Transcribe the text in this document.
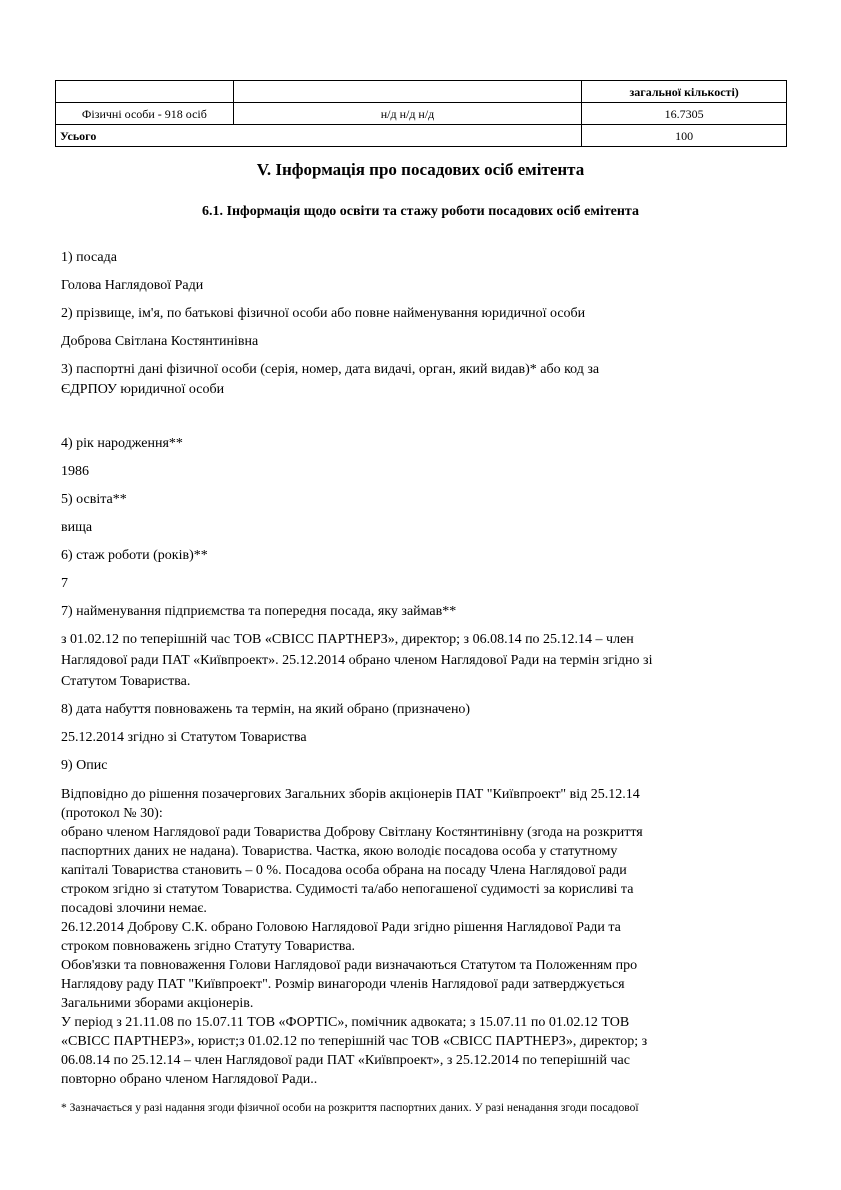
		загальної кількості)
Фізичні особи - 918 осіб	н/д н/д н/д	16.7305
Усього		100
V. Інформація про посадових осіб емітента
6.1. Інформація щодо освіти та стажу роботи посадових осіб емітента

1) посада

Голова Наглядової Ради

2) прізвище, ім'я, по батькові фізичної особи або повне найменування юридичної особи

Доброва Світлана Костянтинівна

3) паспортні дані фізичної особи (серія, номер, дата видачі, орган, який видав)* або код за

ЄДРПОУ юридичної особи

4) рік народження**

1986

5) освіта**

вища

6) стаж роботи (років)**

7

7) найменування підприємства та попередня посада, яку займав**

з 01.02.12 по теперішній час ТОВ «СВІСС ПАРТНЕРЗ», директор; з 06.08.14 по 25.12.14 – член

Наглядової ради ПАТ «Київпроект». 25.12.2014 обрано членом Наглядової Ради на термін згідно зі

Статутом Товариства.

8) дата набуття повноважень та термін, на який обрано (призначено)

25.12.2014 згідно зі Статутом Товариства

9) Опис

Відповідно до рішення позачергових Загальних зборів акціонерів ПАТ "Київпроект" від 25.12.14

(протокол № 30):

обрано членом Наглядової ради Товариства Доброву Світлану Костянтинівну (згода на розкриття

паспортних даних не надана). Товариства. Частка, якою володіє посадова особа у статутному

капіталі Товариства становить – 0 %. Посадова особа обрана на посаду Члена Наглядової ради

строком згідно зі статутом Товариства. Судимості та/або непогашеної судимості за корисливі та

посадові злочини немає.

26.12.2014 Доброву С.К. обрано Головою Наглядової Ради згідно рішення Наглядової Ради та

строком повноважень згідно Статуту Товариства.

Обов'язки та повноваження Голови Наглядової ради визначаються Статутом та Положенням про

Наглядову раду ПАТ "Київпроект". Розмір винагороди членів Наглядової ради затверджується

Загальними зборами акціонерів.

У період з 21.11.08 по 15.07.11 ТОВ «ФОРТІС», помічник адвоката; з 15.07.11 по 01.02.12 ТОВ

«СВІСС ПАРТНЕРЗ», юрист;з 01.02.12 по теперішній час ТОВ «СВІСС ПАРТНЕРЗ», директор; з

06.08.14 по 25.12.14 – член Наглядової ради ПАТ «Київпроект», з 25.12.2014 по теперішній час

повторно обрано членом Наглядової Ради..

* Зазначається у разі надання згоди фізичної особи на розкриття паспортних даних. У разі ненадання згоди посадової
